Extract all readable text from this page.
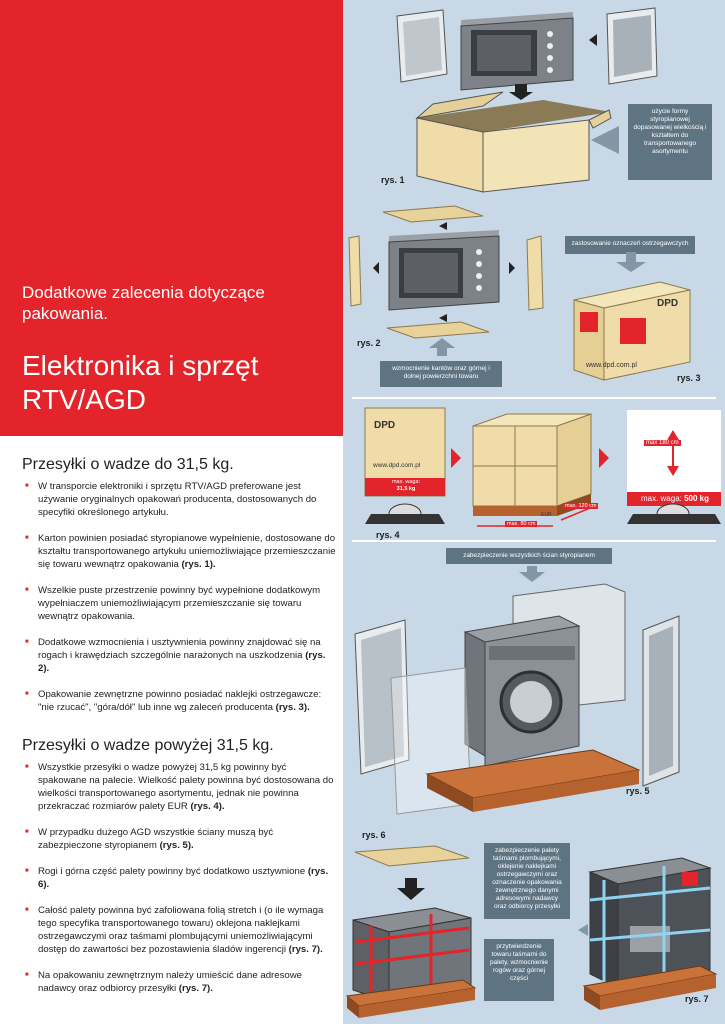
Dodatkowe zalecenia dotyczące pakowania.
Elektronika i sprzęt RTV/AGD
Przesyłki o wadze do 31,5 kg.
■ W transporcie elektroniki i sprzętu RTV/AGD preferowane jest używanie oryginalnych opakowań producenta, dostosowanych do specyfiki określonego artykułu.
■ Karton powinien posiadać styropianowe wypełnienie, dostosowane do kształtu transportowanego artykułu uniemożliwiające przemieszczanie się towaru wewnątrz opakowania (rys. 1).
■ Wszelkie puste przestrzenie powinny być wypełnione dodatkowym wypełniaczem uniemożliwiającym przemieszczanie się towaru wewnątrz opakowania.
■ Dodatkowe wzmocnienia i usztywnienia powinny znajdować się na rogach i krawędziach szczególnie narażonych na uszkodzenia (rys. 2).
■ Opakowanie zewnętrzne powinno posiadać naklejki ostrzegawcze: "nie rzucać", "góra/dół" lub inne wg zaleceń producenta (rys. 3).
Przesyłki o wadze powyżej 31,5 kg.
■ Wszystkie przesyłki o wadze powyżej 31,5 kg powinny być spakowane na palecie. Wielkość palety powinna być dostosowana do wielkości transportowanego asortymentu, jednak nie powinna przekraczać rozmiarów palety EUR (rys. 4).
■ W przypadku dużego AGD wszystkie ściany muszą być zabezpieczone styropianem (rys. 5).
■ Rogi i górna część palety powinny być dodatkowo usztywnione (rys. 6).
■ Całość palety powinna być zafoliowana folią stretch i (o ile wymaga tego specyfika transportowanego towaru) oklejona naklejkami ostrzegawczymi oraz taśmami plombującymi uniemożliwiającymi dostęp do zawartości bez pozostawienia śladów ingerencji (rys. 7).
■ Na opakowaniu zewnętrznym należy umieścić dane adresowe nadawcy oraz odbiorcy przesyłki (rys. 7).
użycie formy styropianowej dopasowanej wielkością i kształtem do transportowanego asortymentu
rys. 1
rys. 2
wzmocnienie kantów oraz górnej i dolnej powierzchni towaru
zastosowanie oznaczeń ostrzegawczych
DPD
www.dpd.com.pl
rys. 3
DPD
www.dpd.com.pl
max. waga:
31,5 kg
max. 80 cm
max. 120 cm
EUR
max 180 cm
max. waga: 500 kg
rys. 4
zabezpieczenie wszystkich ścian styropianem
rys. 5
rys. 6
zabezpieczenie palety taśmami plombującymi, oklejenie naklejkami ostrzegawczymi oraz oznaczenie opakowania zewnętrznego danymi adresowymi nadawcy oraz odbiorcy przesyłki
przytwierdzenie towaru taśmami do palety, wzmocnienie rogów oraz górnej części
rys. 7
